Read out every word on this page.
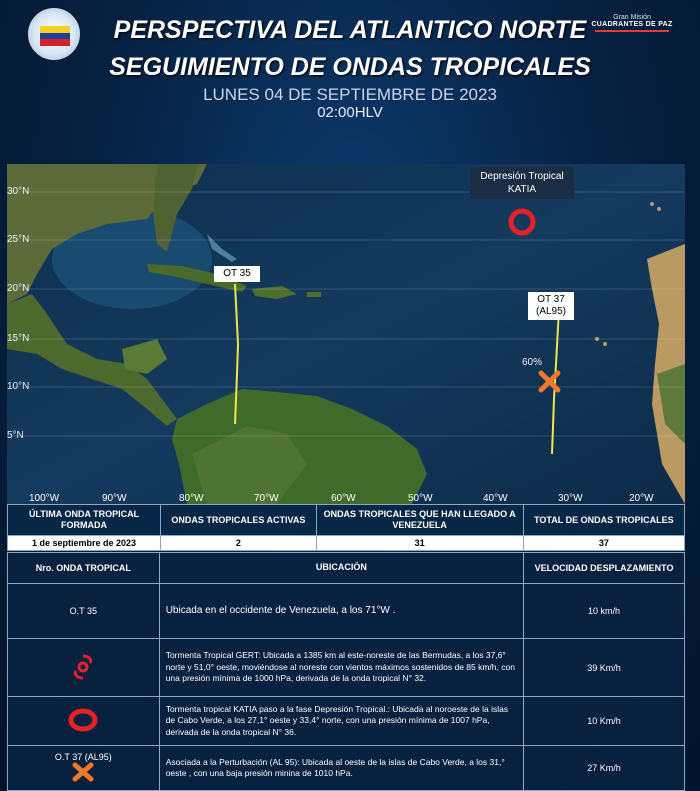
PERSPECTIVA DEL ATLANTICO NORTE
SEGUIMIENTO DE ONDAS TROPICALES
LUNES 04 DE SEPTIEMBRE DE 2023
02:00HLV
Gran Misión
CUADRANTES DE PAZ
30°N
25°N
20°N
15°N
10°N
5°N
OT 35
OT 37
(AL95)
60%
Depresión Tropical
KATIA
100°W	90°W	80°W	70°W	60°W	50°W	40°W	30°W	20°W
ÚLTIMA ONDA TROPICAL FORMADA	ONDAS TROPICALES ACTIVAS	ONDAS TROPICALES QUE HAN LLEGADO A VENEZUELA	TOTAL DE ONDAS TROPICALES
1 de septiembre de 2023	2	31	37
Nro. ONDA TROPICAL	UBICACIÓN	VELOCIDAD DESPLAZAMIENTO
O.T 35	Ubicada en el occidente de Venezuela, a los 71°W .	10 km/h
	Tormenta Tropical GERT: Ubicada a 1385 km al este-noreste de las Bermudas, a los 37,6° norte y 51,0° oeste, moviéndose al noreste con vientos máximos sostenidos de 85 km/h, con una presión mínima de 1000 hPa, derivada de la onda tropical N° 32.	39 Km/h
	Tormenta tropical KATIA paso a la fase Depresión Tropical.: Ubicada al noroeste de la islas de Cabo Verde, a los 27,1° oeste y 33,4° norte, con una presión mínima de 1007 hPa, derivada de la onda tropical N° 36.	10 Km/h

O.T 37 (AL95)	Asociada a la Perturbación (AL 95): Ubicada al oeste de la islas de Cabo Verde, a los 31,° oeste , con una baja presión minina de 1010 hPa.	27 Km/h
